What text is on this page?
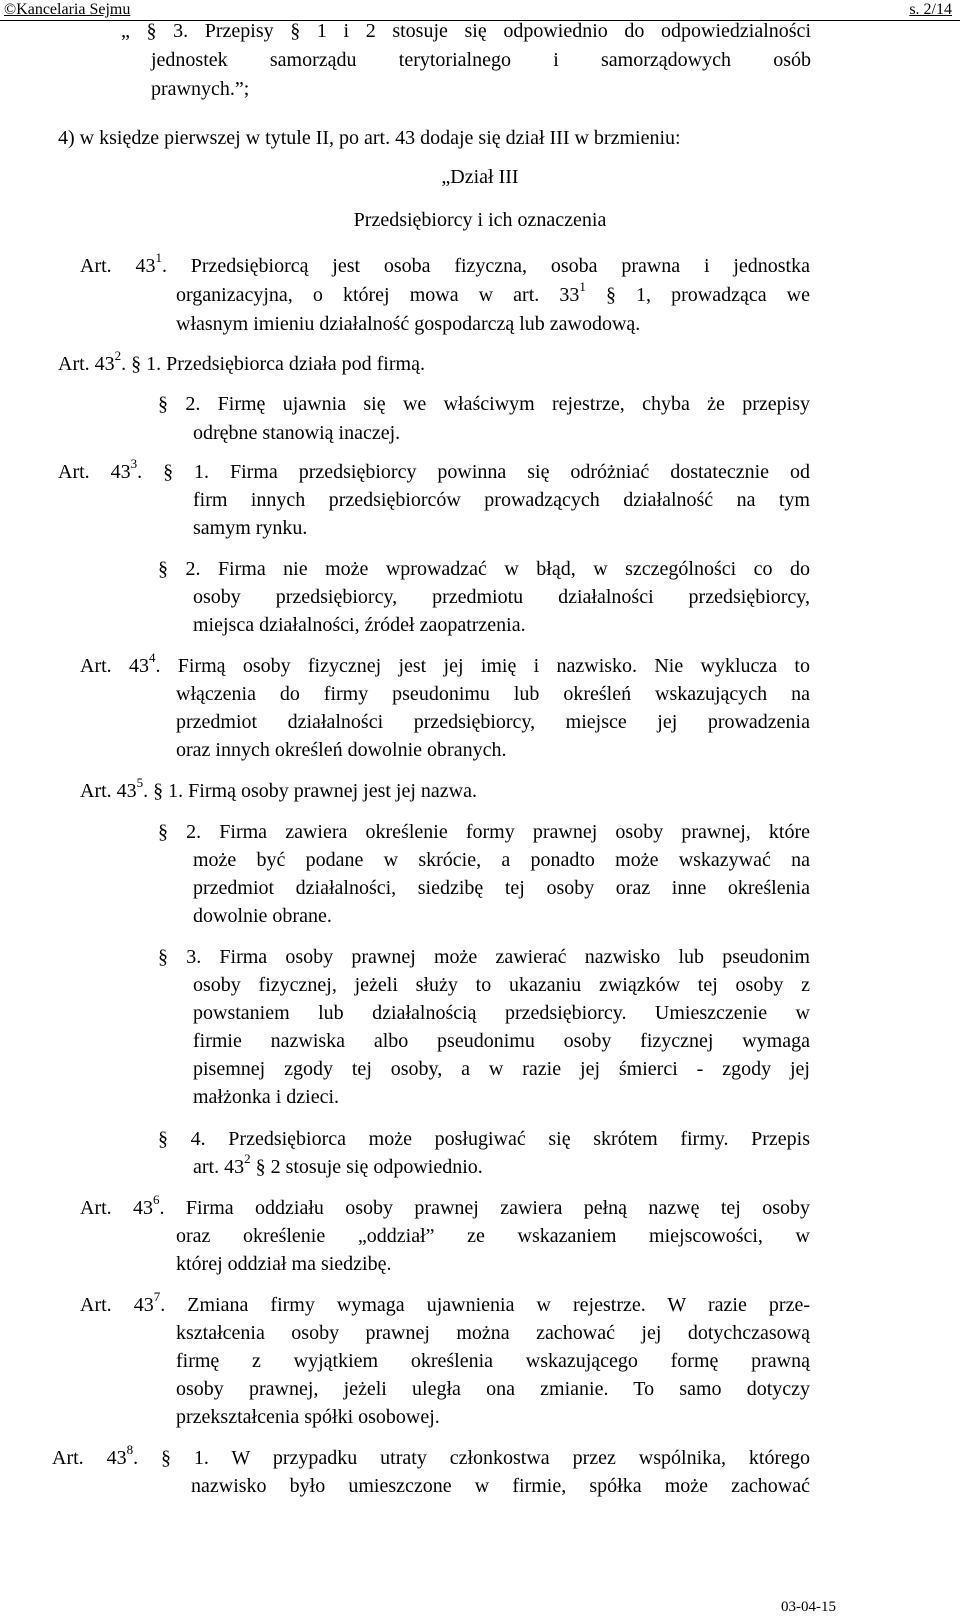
©Kancelaria Sejmu	s. 2/14
„ § 3. Przepisy § 1 i 2 stosuje się odpowiednio do odpowiedzialności
jednostek samorządu terytorialnego i samorządowych osób
prawnych.”;
4) w księdze pierwszej w tytule II, po art. 43 dodaje się dział III w brzmieniu:
„Dział III
Przedsiębiorcy i ich oznaczenia
Art. $43^1$. Przedsiębiorcą jest osoba fizyczna, osoba prawna i jednostka
organizacyjna, o której mowa w art. $33^1$ § 1, prowadząca we
własnym imieniu działalność gospodarczą lub zawodową.
Art. $43^2$. § 1. Przedsiębiorca działa pod firmą.
§ 2. Firmę ujawnia się we właściwym rejestrze, chyba że przepisy
odrębne stanowią inaczej.
Art. $43^3$. § 1. Firma przedsiębiorcy powinna się odróżniać dostatecznie od
firm innych przedsiębiorców prowadzących działalność na tym
samym rynku.
§ 2. Firma nie może wprowadzać w błąd, w szczególności co do
osoby przedsiębiorcy, przedmiotu działalności przedsiębiorcy,
miejsca działalności, źródeł zaopatrzenia.
Art. $43^4$. Firmą osoby fizycznej jest jej imię i nazwisko. Nie wyklucza to
włączenia do firmy pseudonimu lub określeń wskazujących na
przedmiot działalności przedsiębiorcy, miejsce jej prowadzenia
oraz innych określeń dowolnie obranych.
Art. $43^5$. § 1. Firmą osoby prawnej jest jej nazwa.
§ 2. Firma zawiera określenie formy prawnej osoby prawnej, które
może być podane w skrócie, a ponadto może wskazywać na
przedmiot działalności, siedzibę tej osoby oraz inne określenia
dowolnie obrane.
§ 3. Firma osoby prawnej może zawierać nazwisko lub pseudonim
osoby fizycznej, jeżeli służy to ukazaniu związków tej osoby z
powstaniem lub działalnością przedsiębiorcy. Umieszczenie w
firmie nazwiska albo pseudonimu osoby fizycznej wymaga
pisemnej zgody tej osoby, a w razie jej śmierci - zgody jej
małżonka i dzieci.
§ 4. Przedsiębiorca może posługiwać się skrótem firmy. Przepis
art. $43^2$ § 2 stosuje się odpowiednio.
Art. $43^6$. Firma oddziału osoby prawnej zawiera pełną nazwę tej osoby
oraz określenie „oddział” ze wskazaniem miejscowości, w
której oddział ma siedzibę.
Art. $43^7$. Zmiana firmy wymaga ujawnienia w rejestrze. W razie prze-
kształcenia osoby prawnej można zachować jej dotychczasową
firmę z wyjątkiem określenia wskazującego formę prawną
osoby prawnej, jeżeli uległa ona zmianie. To samo dotyczy
przekształcenia spółki osobowej.
Art. $43^8$. § 1. W przypadku utraty członkostwa przez wspólnika, którego
nazwisko było umieszczone w firmie, spółka może zachować
03-04-15
